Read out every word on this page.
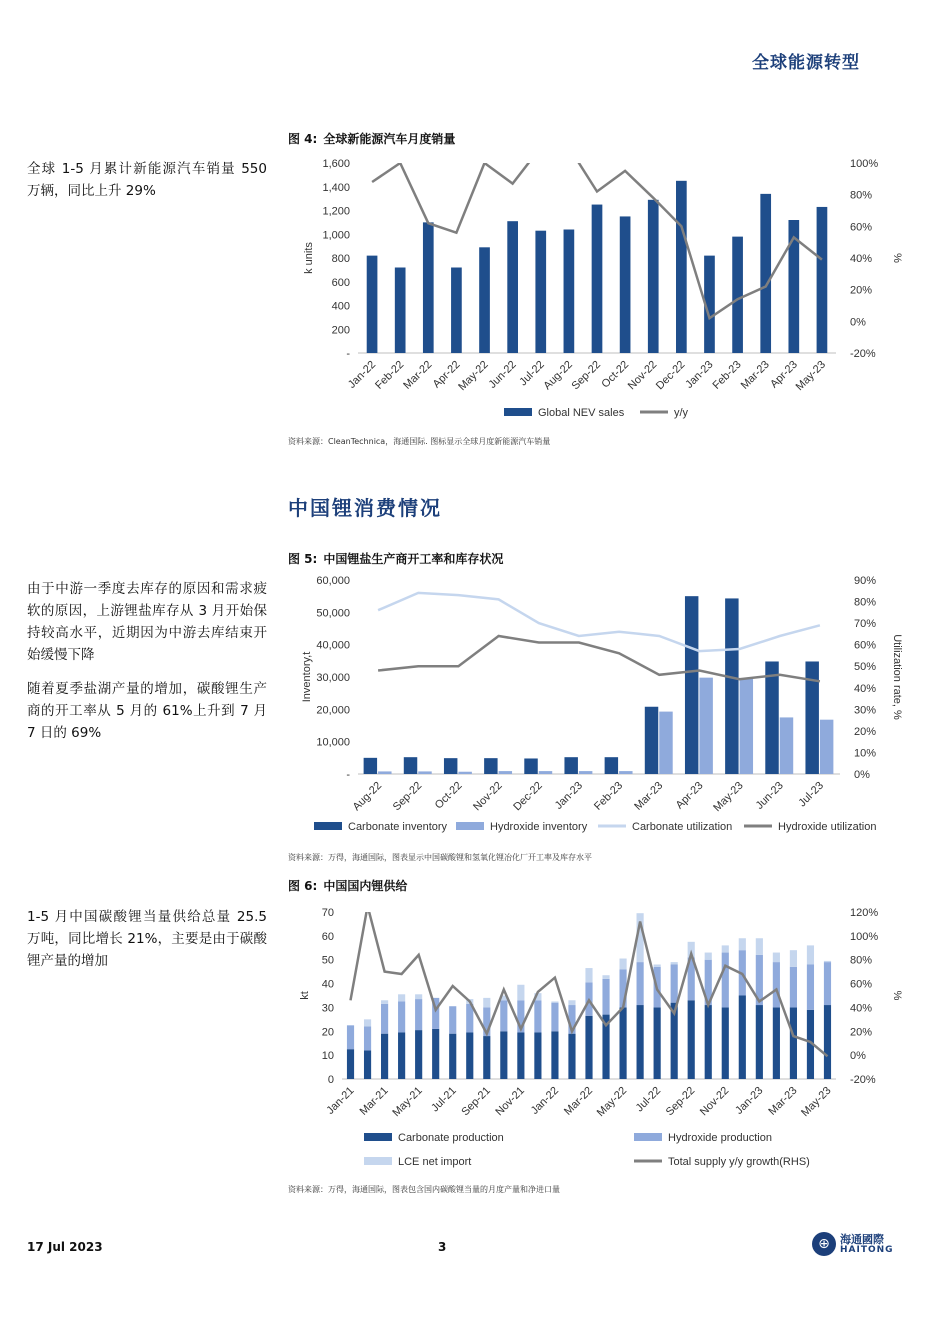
全球能源转型

全球 1-5 月累计新能源汽车销量 550 万辆，同比上升 29%

由于中游一季度去库存的原因和需求疲软的原因，上游锂盐库存从 3 月开始保持较高水平，近期因为中游去库结束开始缓慢下降

随着夏季盐湖产量的增加，碳酸锂生产商的开工率从 5 月的 61%上升到 7 月 7 日的 69%

1-5 月中国碳酸锂当量供给总量 25.5 万吨，同比增长 21%，主要是由于碳酸锂产量的增加

图 4: 全球新能源汽车月度销量
-
200
400
600
800
1,000
1,200
1,400
1,600
-20%
0%
20%
40%
60%
80%
100%
k units	%
Jan-22
Feb-22
Mar-22
Apr-22
May-22
Jun-22
Jul-22
Aug-22
Sep-22
Oct-22
Nov-22
Dec-22
Jan-23
Feb-23
Mar-23
Apr-23
May-23
Global NEV sales	y/y
资料来源：CleanTechnica，海通国际. 图标显示全球月度新能源汽车销量
中国锂消费情况
图 5: 中国锂盐生产商开工率和库存状况
-
10,000
20,000
30,000
40,000
50,000
60,000
0%
10%
20%
30%
40%
50%
60%
70%
80%
90%
Inventory,t	Utilization rate, %
Aug-22 Sep-22 Oct-22 Nov-22 Dec-22 Jan-23 Feb-23 Mar-23 Apr-23 May-23 Jun-23 Jul-23
Carbonate inventory	Hydroxide inventory	Carbonate utilization	Hydroxide utilization
资料来源：万得，海通国际，图表显示中国碳酸锂和氢氧化锂冶化厂开工率及库存水平
图 6: 中国国内锂供给
0
10
20
30
40
50
60
70
-20%
0%
20%
40%
60%
80%
100%
120%
kt	%
Jan-21 Mar-21 May-21 Jul-21 Sep-21 Nov-21 Jan-22 Mar-22 May-22 Jul-22 Sep-22 Nov-22 Jan-23 Mar-23 May-23
Carbonate production	Hydroxide production
LCE net import	Total supply y/y growth(RHS)
资料来源：万得，海通国际，图表包含国内碳酸锂当量的月度产量和净进口量
17 Jul 2023	3	⊕ 海通國際
HAITONG
